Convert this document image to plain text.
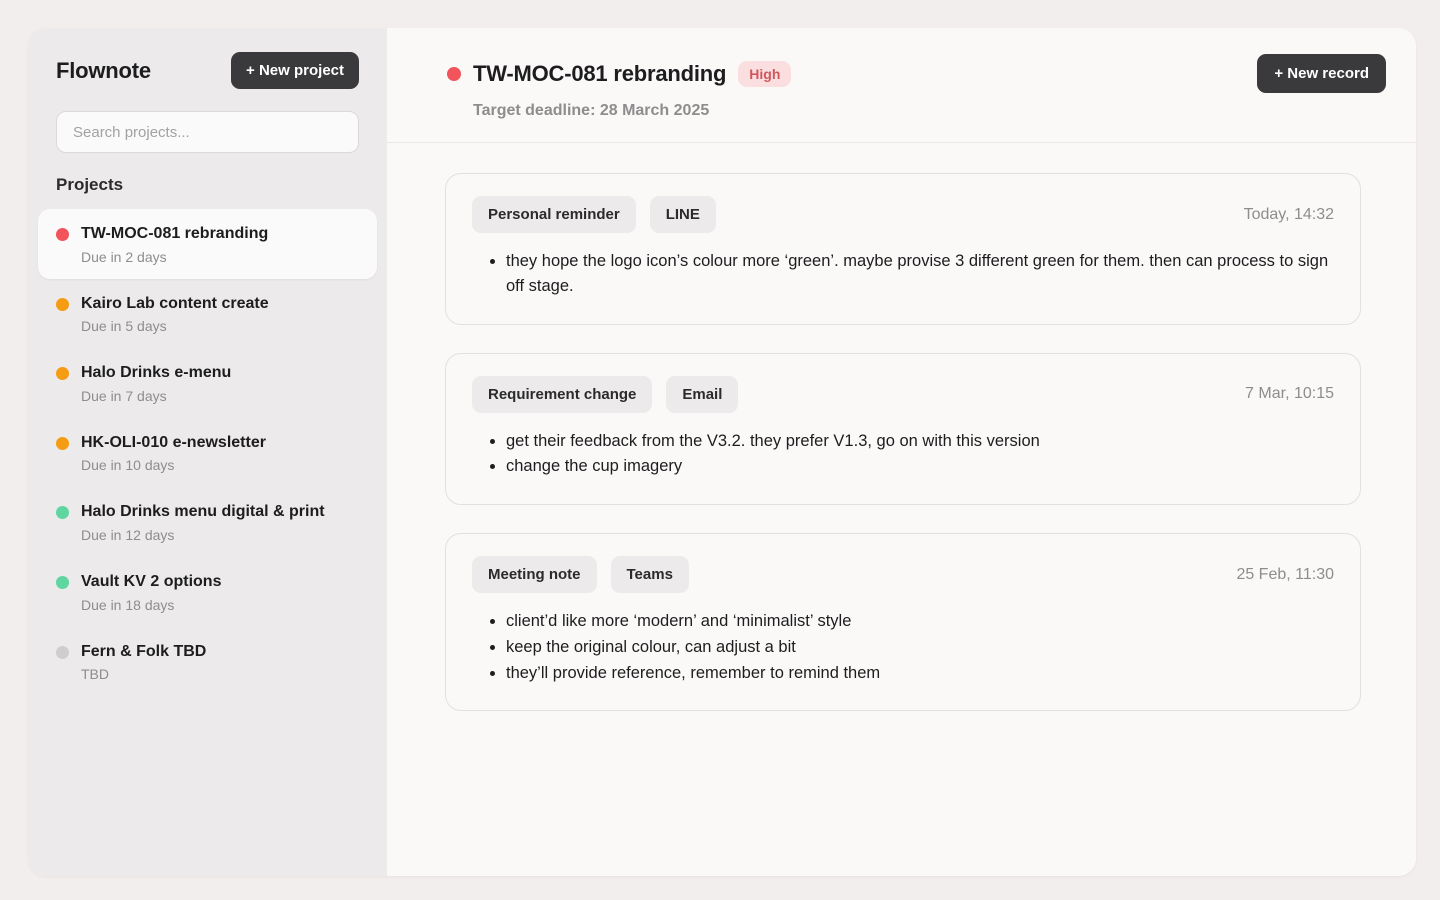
Flownote	+ New project
Search projects...
Projects
TW-MOC-081 rebranding
Due in 2 days
Kairo Lab content create
Due in 5 days
Halo Drinks e-menu
Due in 7 days
HK-OLI-010 e-newsletter
Due in 10 days
Halo Drinks menu digital & print
Due in 12 days
Vault KV 2 options
Due in 18 days
Fern & Folk TBD
TBD
TW-MOC-081 rebranding	High	+ New record
Target deadline: 28 March 2025
Personal reminder	LINE	Today, 14:32
• they hope the logo icon’s colour more ‘green’. maybe provise 3 different green for them. then can process to sign off stage.
Requirement change	Email	7 Mar, 10:15
• get their feedback from the V3.2. they prefer V1.3, go on with this version
• change the cup imagery
Meeting note	Teams	25 Feb, 11:30
• client’d like more ‘modern’ and ‘minimalist’ style
• keep the original colour, can adjust a bit
• they’ll provide reference, remember to remind them
